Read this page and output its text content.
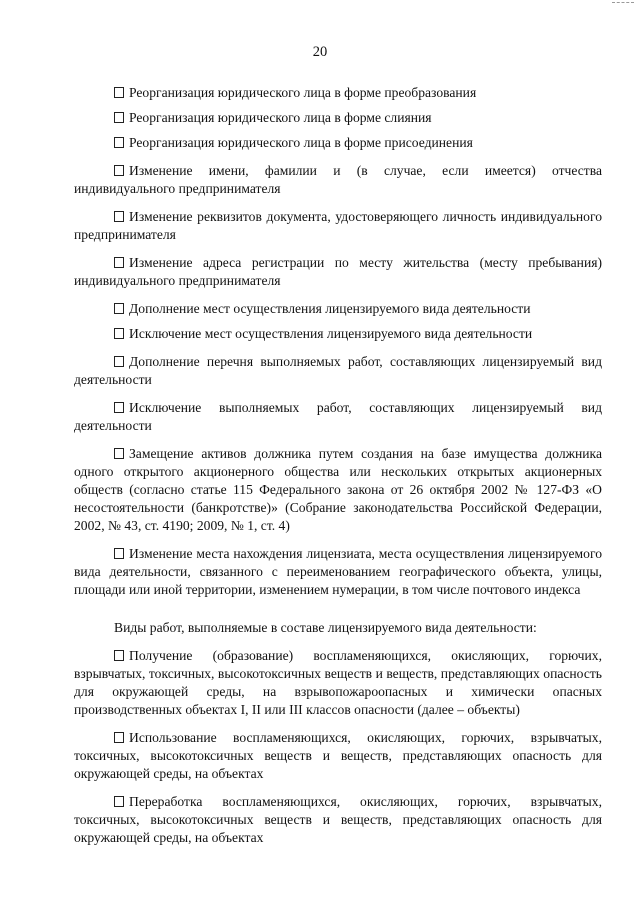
20

Реорганизация юридического лица в форме преобразования

Реорганизация юридического лица в форме слияния

Реорганизация юридического лица в форме присоединения

Изменение имени, фамилии и (в случае, если имеется) отчества индивидуального предпринимателя

Изменение реквизитов документа, удостоверяющего личность индивидуального предпринимателя

Изменение адреса регистрации по месту жительства (месту пребывания) индивидуального предпринимателя

Дополнение мест осуществления лицензируемого вида деятельности

Исключение мест осуществления лицензируемого вида деятельности

Дополнение перечня выполняемых работ, составляющих лицензируемый вид деятельности

Исключение выполняемых работ, составляющих лицензируемый вид деятельности

Замещение активов должника путем создания на базе имущества должника одного открытого акционерного общества или нескольких открытых акционерных обществ (согласно статье 115 Федерального закона от 26 октября 2002 № 127-ФЗ «О несостоятельности (банкротстве)» (Собрание законодательства Российской Федерации, 2002, № 43, ст. 4190; 2009, № 1, ст. 4)

Изменение места нахождения лицензиата, места осуществления лицензируемого вида деятельности, связанного с переименованием географического объекта, улицы, площади или иной территории, изменением нумерации, в том числе почтового индекса

Виды работ, выполняемые в составе лицензируемого вида деятельности:

Получение (образование) воспламеняющихся, окисляющих, горючих, взрывчатых, токсичных, высокотоксичных веществ и веществ, представляющих опасность для окружающей среды, на взрывопожароопасных и химически опасных производственных объектах I, II или III классов опасности (далее – объекты)

Использование воспламеняющихся, окисляющих, горючих, взрывчатых, токсичных, высокотоксичных веществ и веществ, представляющих опасность для окружающей среды, на объектах

Переработка воспламеняющихся, окисляющих, горючих, взрывчатых, токсичных, высокотоксичных веществ и веществ, представляющих опасность для окружающей среды, на объектах
